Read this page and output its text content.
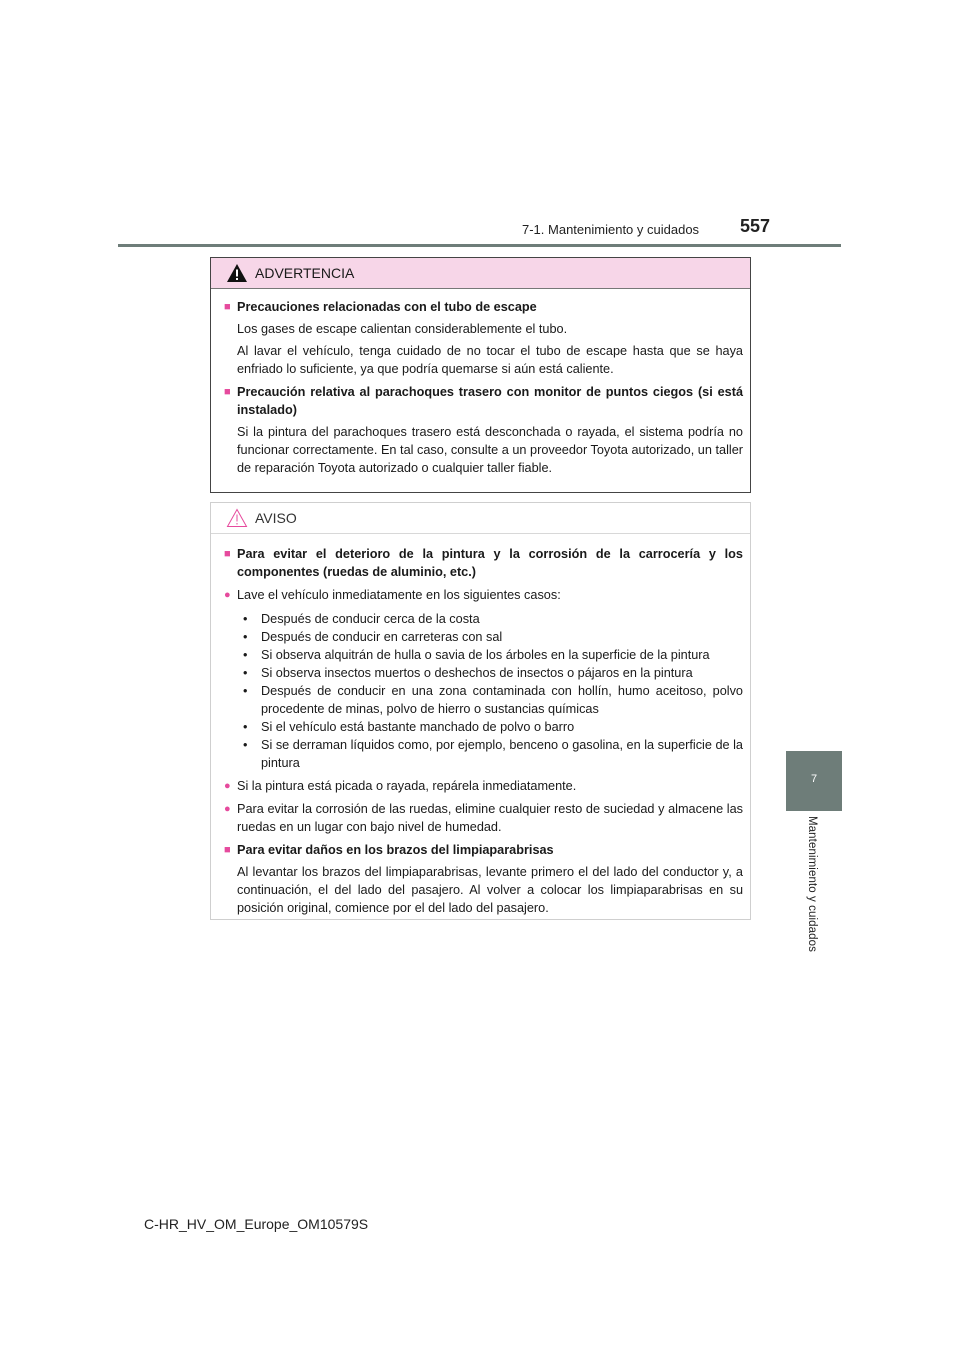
7-1. Mantenimiento y cuidados 557
7
Mantenimiento y cuidados
ADVERTENCIA
■ Precauciones relacionadas con el tubo de escape
Los gases de escape calientan considerablemente el tubo.
Al lavar el vehículo, tenga cuidado de no tocar el tubo de escape hasta que se haya enfriado lo suficiente, ya que podría quemarse si aún está caliente.
■ Precaución relativa al parachoques trasero con monitor de puntos ciegos (si está instalado)
Si la pintura del parachoques trasero está desconchada o rayada, el sistema podría no funcionar correctamente. En tal caso, consulte a un proveedor Toyota autorizado, un taller de reparación Toyota autorizado o cualquier taller fiable.
AVISO
■ Para evitar el deterioro de la pintura y la corrosión de la carrocería y los componentes (ruedas de aluminio, etc.)
● Lave el vehículo inmediatamente en los siguientes casos:
•	Después de conducir cerca de la costa
•	Después de conducir en carreteras con sal
•	Si observa alquitrán de hulla o savia de los árboles en la superficie de la pintura
•	Si observa insectos muertos o deshechos de insectos o pájaros en la pintura
•	Después de conducir en una zona contaminada con hollín, humo aceitoso, polvo procedente de minas, polvo de hierro o sustancias químicas
•	Si el vehículo está bastante manchado de polvo o barro
•	Si se derraman líquidos como, por ejemplo, benceno o gasolina, en la superficie de la pintura
● Si la pintura está picada o rayada, repárela inmediatamente.
● Para evitar la corrosión de las ruedas, elimine cualquier resto de suciedad y almacene las ruedas en un lugar con bajo nivel de humedad.
■ Para evitar daños en los brazos del limpiaparabrisas
Al levantar los brazos del limpiaparabrisas, levante primero el del lado del conductor y, a continuación, el del lado del pasajero. Al volver a colocar los limpiaparabrisas en su posición original, comience por el del lado del pasajero.
C-HR_HV_OM_Europe_OM10579S
